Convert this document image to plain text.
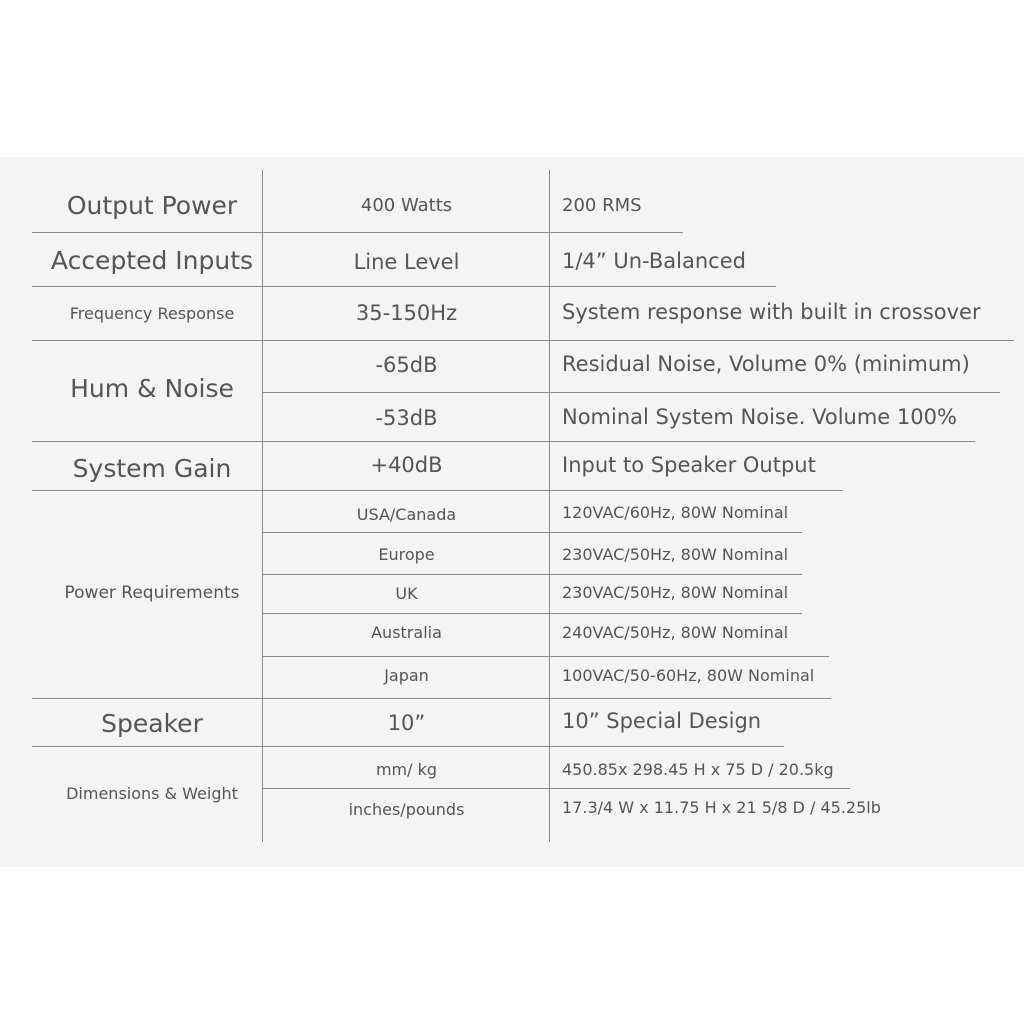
Output Power	400 Watts	200 RMS
Accepted Inputs	Line Level	1/4” Un-Balanced
Frequency Response	35-150Hz	System response with built in crossover
Hum & Noise
-65dB	Residual Noise, Volume 0% (minimum)
-53dB	Nominal System Noise. Volume 100%
System Gain	+40dB	Input to Speaker Output
Power Requirements
USA/Canada	120VAC/60Hz, 80W Nominal
Europe	230VAC/50Hz, 80W Nominal
UK	230VAC/50Hz, 80W Nominal
Australia	240VAC/50Hz, 80W Nominal
Japan	100VAC/50-60Hz, 80W Nominal
Speaker	10”	10” Special Design
Dimensions & Weight
mm/ kg	450.85x 298.45 H x 75 D / 20.5kg
inches/pounds	17.3/4 W x 11.75 H x 21 5/8 D / 45.25lb
